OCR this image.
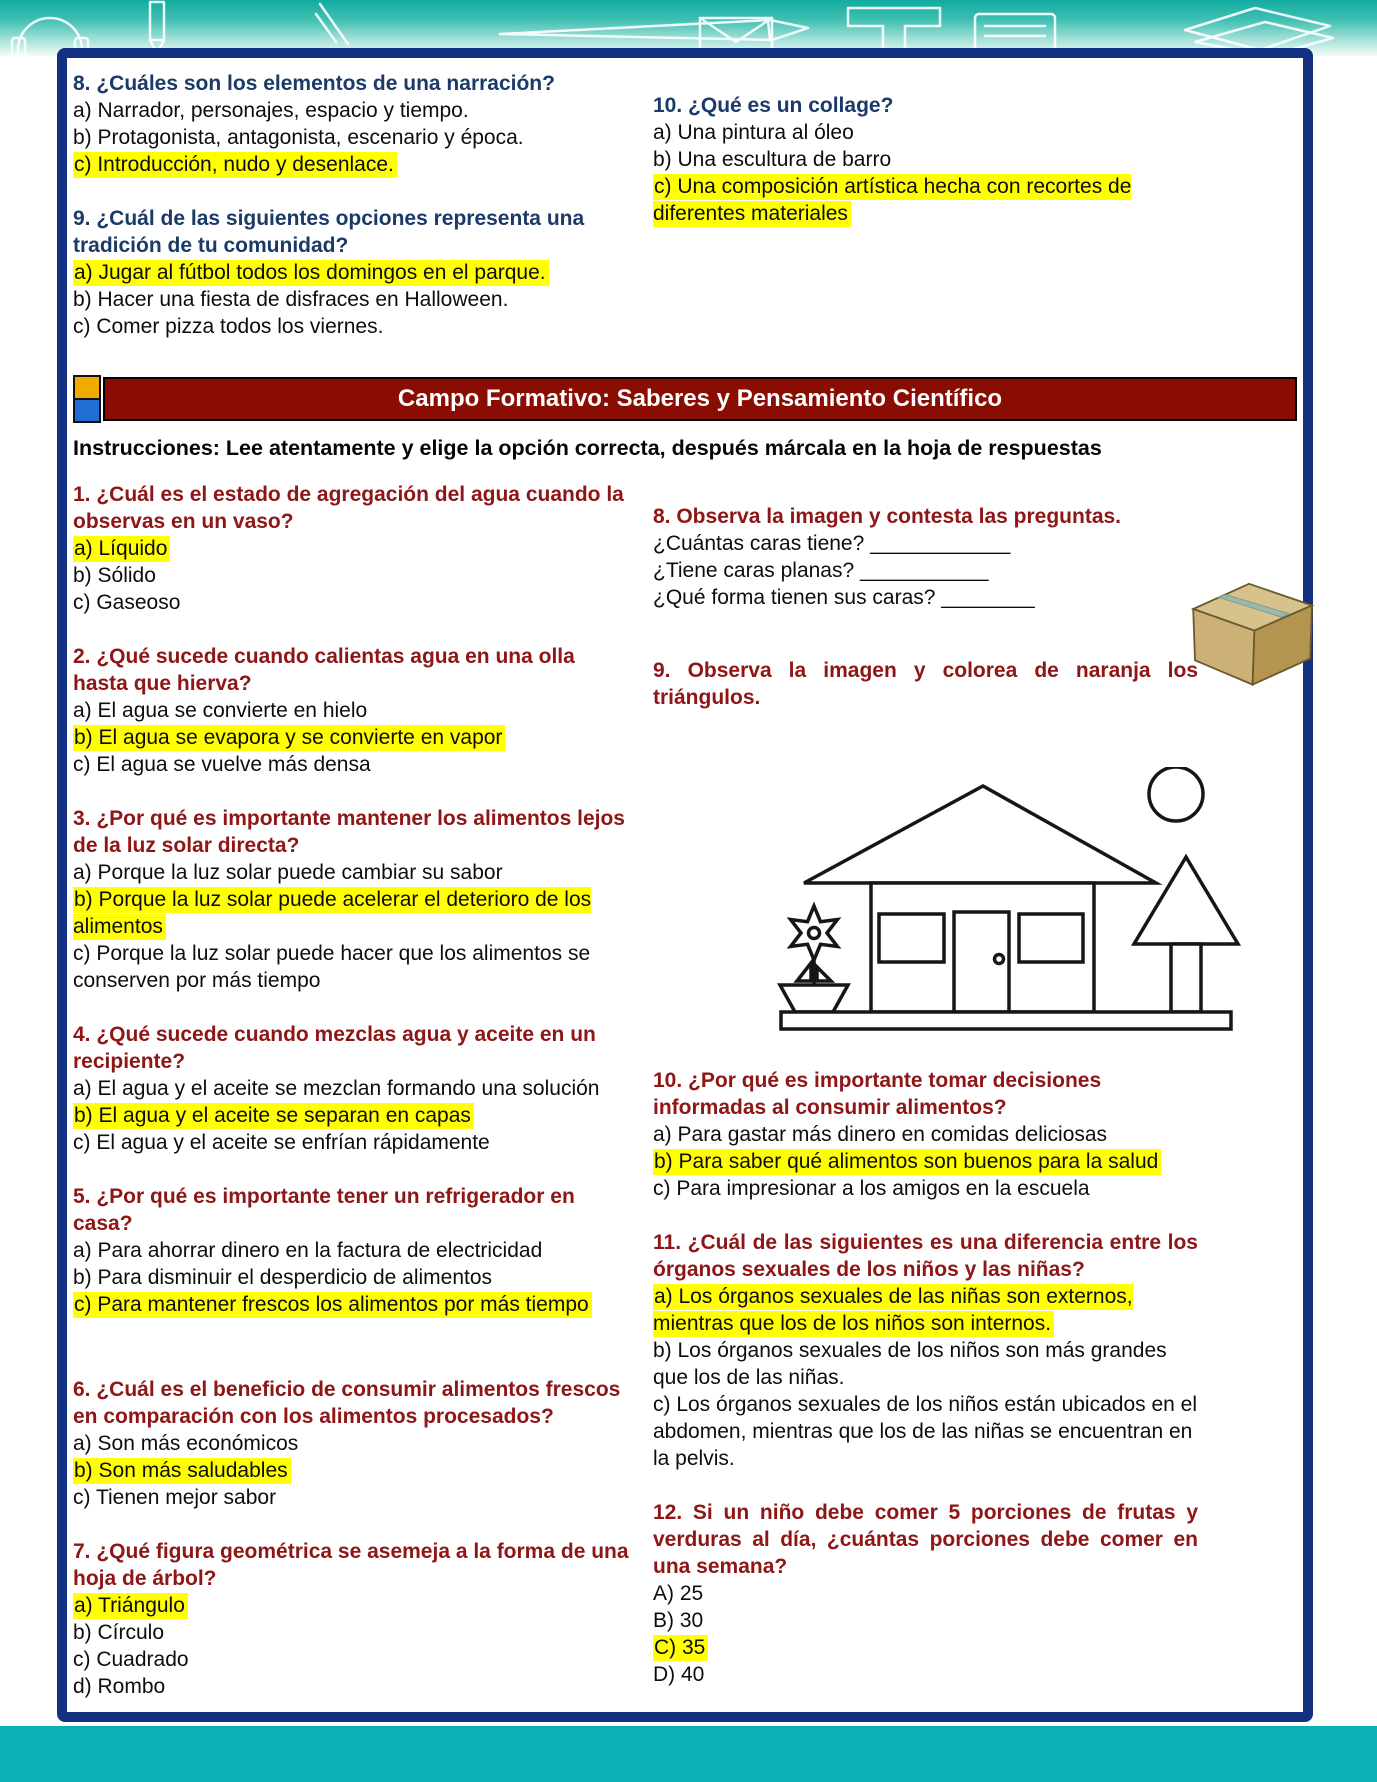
8. ¿Cuáles son los elementos de una narración?
a) Narrador, personajes, espacio y tiempo.
b) Protagonista, antagonista, escenario y época.
c) Introducción, nudo y desenlace.
9. ¿Cuál de las siguientes opciones representa una tradición de tu comunidad?
a) Jugar al fútbol todos los domingos en el parque.
b) Hacer una fiesta de disfraces en Halloween.
c) Comer pizza todos los viernes.
10. ¿Qué es un collage?
a) Una pintura al óleo
b) Una escultura de barro
c) Una composición artística hecha con recortes de diferentes materiales
Campo Formativo: Saberes y Pensamiento Científico
Instrucciones: Lee atentamente y elige la opción correcta, después márcala en la hoja de respuestas
1. ¿Cuál es el estado de agregación del agua cuando la observas en un vaso?
a) Líquido
b) Sólido
c) Gaseoso
2. ¿Qué sucede cuando calientas agua en una olla hasta que hierva?
a) El agua se convierte en hielo
b) El agua se evapora y se convierte en vapor
c) El agua se vuelve más densa
3. ¿Por qué es importante mantener los alimentos lejos de la luz solar directa?
a) Porque la luz solar puede cambiar su sabor
b) Porque la luz solar puede acelerar el deterioro de los alimentos
c) Porque la luz solar puede hacer que los alimentos se conserven por más tiempo
4. ¿Qué sucede cuando mezclas agua y aceite en un recipiente?
a) El agua y el aceite se mezclan formando una solución
b) El agua y el aceite se separan en capas
c) El agua y el aceite se enfrían rápidamente
5. ¿Por qué es importante tener un refrigerador en casa?
a) Para ahorrar dinero en la factura de electricidad
b) Para disminuir el desperdicio de alimentos
c) Para mantener frescos los alimentos por más tiempo
6. ¿Cuál es el beneficio de consumir alimentos frescos en comparación con los alimentos procesados?
a) Son más económicos
b) Son más saludables
c) Tienen mejor sabor
7. ¿Qué figura geométrica se asemeja a la forma de una hoja de árbol?
a) Triángulo
b) Círculo
c) Cuadrado
d) Rombo
8. Observa la imagen y contesta las preguntas.
¿Cuántas caras tiene? ____________
¿Tiene caras planas? ___________
¿Qué forma tienen sus caras? ________
9. Observa la imagen y colorea de naranja los triángulos.
10. ¿Por qué es importante tomar decisiones informadas al consumir alimentos?
a) Para gastar más dinero en comidas deliciosas
b) Para saber qué alimentos son buenos para la salud
c) Para impresionar a los amigos en la escuela
11. ¿Cuál de las siguientes es una diferencia entre los órganos sexuales de los niños y las niñas?
a) Los órganos sexuales de las niñas son externos, mientras que los de los niños son internos.
b) Los órganos sexuales de los niños son más grandes que los de las niñas.
c) Los órganos sexuales de los niños están ubicados en el abdomen, mientras que los de las niñas se encuentran en la pelvis.
12. Si un niño debe comer 5 porciones de frutas y verduras al día, ¿cuántas porciones debe comer en una semana?
A) 25
B) 30
C) 35
D) 40
